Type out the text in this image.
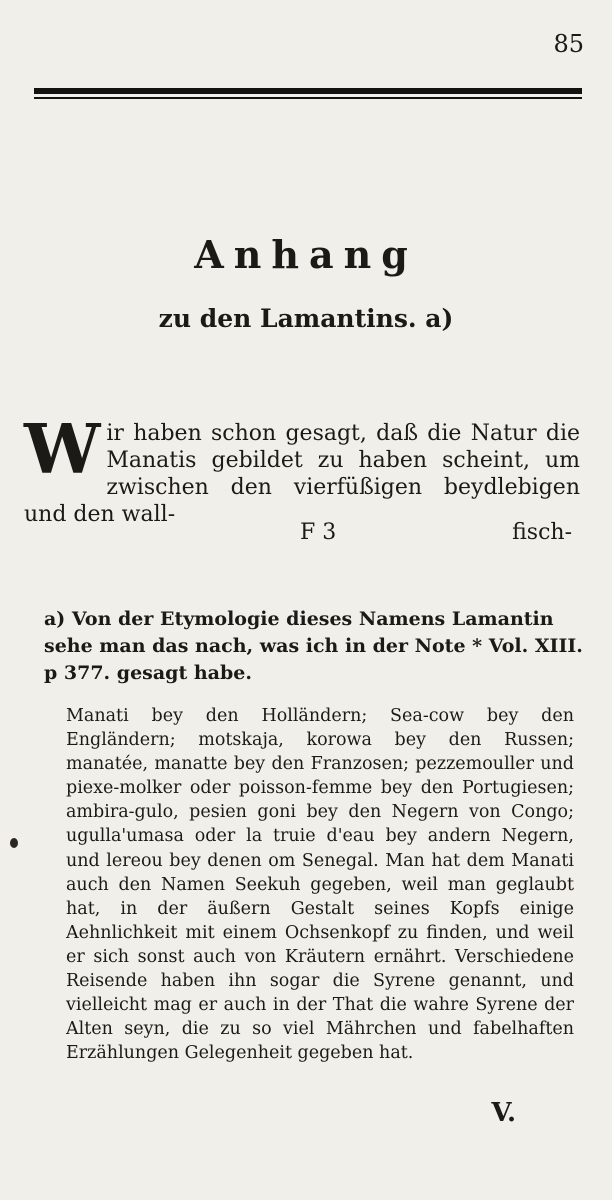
85
Anhang
zu den Lamantins. a)

Wir haben schon gesagt, daß die Natur die Manatis gebildet zu haben scheint, um zwischen den vierfüßigen beydlebigen und den wall-

F 3	fisch-

a) Von der Etymologie dieses Namens Lamantin sehe man das nach, was ich in der Note * Vol. XIII. p 377. gesagt habe.

Manati bey den Holländern; Sea-cow bey den Engländern; motskaja, korowa bey den Russen; manatée, manatte bey den Franzosen; pezzemouller und piexe-molker oder poisson-femme bey den Portugiesen; ambira-gulo, pesien goni bey den Negern von Congo; ugulla'umasa oder la truie d'eau bey andern Negern, und lereou bey denen om Senegal. Man hat dem Manati auch den Namen Seekuh gegeben, weil man geglaubt hat, in der äußern Gestalt seines Kopfs einige Aehnlichkeit mit einem Ochsenkopf zu finden, und weil er sich sonst auch von Kräutern ernährt. Verschiedene Reisende haben ihn sogar die Syrene genannt, und vielleicht mag er auch in der That die wahre Syrene der Alten seyn, die zu so viel Mährchen und fabelhaften Erzählungen Gelegenheit gegeben hat.

V.
